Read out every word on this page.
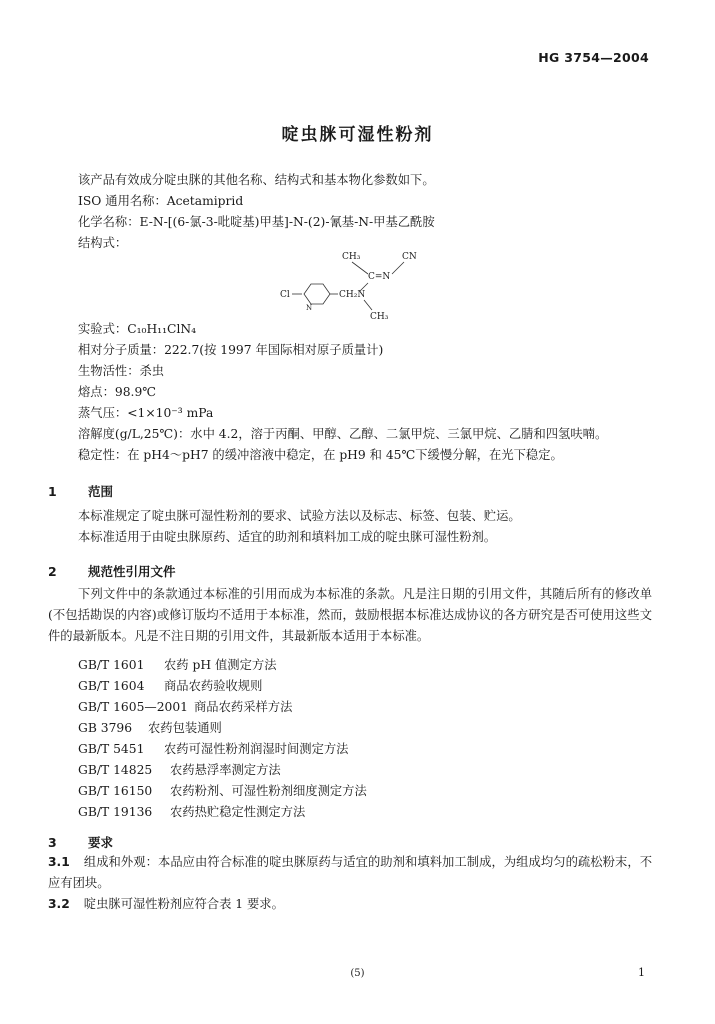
HG 3754—2004
啶虫脒可湿性粉剂
该产品有效成分啶虫脒的其他名称、结构式和基本物化参数如下。
ISO 通用名称：Acetamiprid
化学名称：E-N-[(6-氯-3-吡啶基)甲基]-N-(2)-氰基-N-甲基乙酰胺
结构式：
CH₃	CN
C=N
Cl
N
CH₂N
CH₃
实验式：C₁₀H₁₁ClN₄
相对分子质量：222.7(按 1997 年国际相对原子质量计)
生物活性：杀虫
熔点：98.9℃
蒸气压：<1×10⁻³ mPa
溶解度(g/L,25℃)：水中 4.2，溶于丙酮、甲醇、乙醇、二氯甲烷、三氯甲烷、乙腈和四氢呋喃。
稳定性：在 pH4～pH7 的缓冲溶液中稳定，在 pH9 和 45℃下缓慢分解，在光下稳定。
1	范围
本标准规定了啶虫脒可湿性粉剂的要求、试验方法以及标志、标签、包装、贮运。
本标准适用于由啶虫脒原药、适宜的助剂和填料加工成的啶虫脒可湿性粉剂。
2	规范性引用文件
下列文件中的条款通过本标准的引用而成为本标准的条款。凡是注日期的引用文件，其随后所有的修改单(不包括勘误的内容)或修订版均不适用于本标准，然而，鼓励根据本标准达成协议的各方研究是否可使用这些文件的最新版本。凡是不注日期的引用文件，其最新版本适用于本标准。
GB/T 1601 农药 pH 值测定方法
GB/T 1604 商品农药验收规则
GB/T 1605—2001 商品农药采样方法
GB 3796 农药包装通则
GB/T 5451 农药可湿性粉剂润湿时间测定方法
GB/T 14825 农药悬浮率测定方法
GB/T 16150 农药粉剂、可湿性粉剂细度测定方法
GB/T 19136 农药热贮稳定性测定方法
3	要求
3.1 组成和外观：本品应由符合标准的啶虫脒原药与适宜的助剂和填料加工制成，为组成均匀的疏松粉末，不应有团块。
3.2 啶虫脒可湿性粉剂应符合表 1 要求。
(5)	1
